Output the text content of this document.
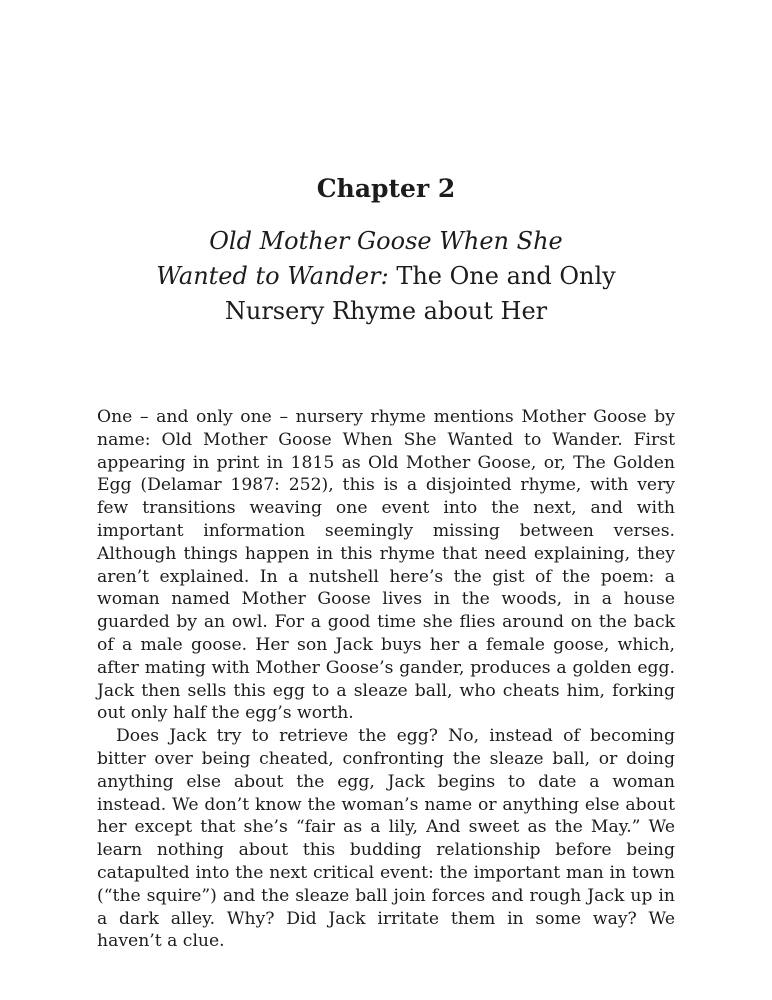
Chapter 2
Old Mother Goose When She
Wanted to Wander: The One and Only
Nursery Rhyme about Her

One – and only one – nursery rhyme mentions Mother Goose by name: Old Mother Goose When She Wanted to Wander. First appearing in print in 1815 as Old Mother Goose, or, The Golden Egg (Delamar 1987: 252), this is a disjointed rhyme, with very few transitions weaving one event into the next, and with important information seemingly missing between verses. Although things happen in this rhyme that need explaining, they aren’t explained. In a nutshell here’s the gist of the poem: a woman named Mother Goose lives in the woods, in a house guarded by an owl. For a good time she flies around on the back of a male goose. Her son Jack buys her a female goose, which, after mating with Mother Goose’s gander, produces a golden egg. Jack then sells this egg to a sleaze ball, who cheats him, forking out only half the egg’s worth.

Does Jack try to retrieve the egg? No, instead of becoming bitter over being cheated, confronting the sleaze ball, or doing anything else about the egg, Jack begins to date a woman instead. We don’t know the woman’s name or anything else about her except that she’s “fair as a lily, And sweet as the May.” We learn nothing about this budding relationship before being catapulted into the next critical event: the important man in town (“the squire”) and the sleaze ball join forces and rough Jack up in a dark alley. Why? Did Jack irritate them in some way? We haven’t a clue.
